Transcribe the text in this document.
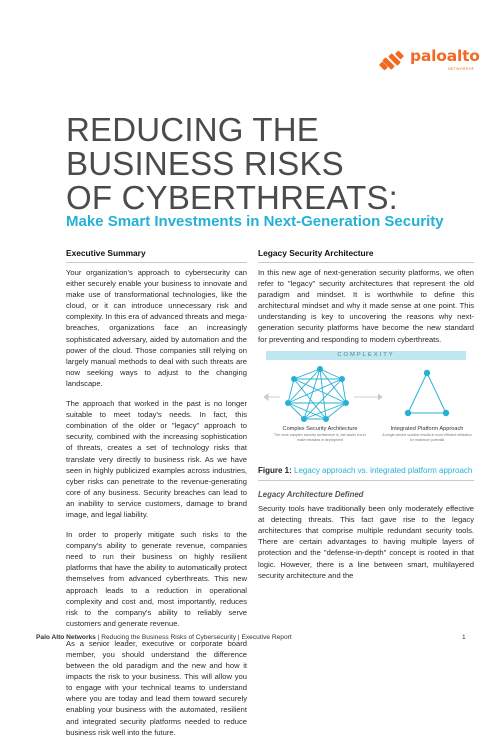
paloalto
NETWORKS®
REDUCING THE
BUSINESS RISKS
OF CYBERTHREATS:
Make Smart Investments in Next-Generation Security
Executive Summary

Your organization's approach to cybersecurity can either securely enable your business to innovate and make use of transformational technologies, like the cloud, or it can introduce unnecessary risk and complexity. In this era of advanced threats and mega-breaches, organizations face an increasingly sophisticated adversary, aided by automation and the power of the cloud. Those companies still relying on largely manual methods to deal with such threats are now seeking ways to adjust to the changing landscape.

The approach that worked in the past is no longer suitable to meet today's needs. In fact, this combination of the older or "legacy" approach to security, combined with the increasing sophistication of threats, creates a set of technology risks that translate very directly to business risk. As we have seen in highly publicized examples across industries, cyber risks can penetrate to the revenue-generating core of any business. Security breaches can lead to an inability to service customers, damage to brand image, and legal liability.

In order to properly mitigate such risks to the company's ability to generate revenue, companies need to run their business on highly resilient platforms that have the ability to automatically protect themselves from advanced cyberthreats. This new approach leads to a reduction in operational complexity and cost and, most importantly, reduces risk to the company's ability to reliably serve customers and generate revenue.

As a senior leader, executive or corporate board member, you should understand the difference between the old paradigm and the new and how it impacts the risk to your business. This will allow you to engage with your technical teams to understand where you are today and lead them toward securely enabling your business with the automated, resilient and integrated security platforms needed to reduce business risk well into the future.

Legacy Security Architecture

In this new age of next-generation security platforms, we often refer to "legacy" security architectures that represent the old paradigm and mindset. It is worthwhile to define this architectural mindset and why it made sense at one point. This understanding is key to uncovering the reasons why next-generation security platforms have become the new standard for preventing and responding to modern cyberthreats.

COMPLEXITY
Complex Security Architecture
The more complex security architecture is, the easier it is to make mistakes in deployment
Integrated Platform Approach
A single-vendor solution results in more efficient utilization for maximum potential
Figure 1: Legacy approach vs. integrated platform approach
Legacy Architecture Defined

Security tools have traditionally been only moderately effective at detecting threats. This fact gave rise to the legacy architectures that comprise multiple redundant security tools. There are certain advantages to having multiple layers of protection and the "defense-in-depth" concept is rooted in that logic. However, there is a line between smart, multilayered security architecture and the

Palo Alto Networks | Reducing the Business Risks of Cybersecurity | Executive Report	1
